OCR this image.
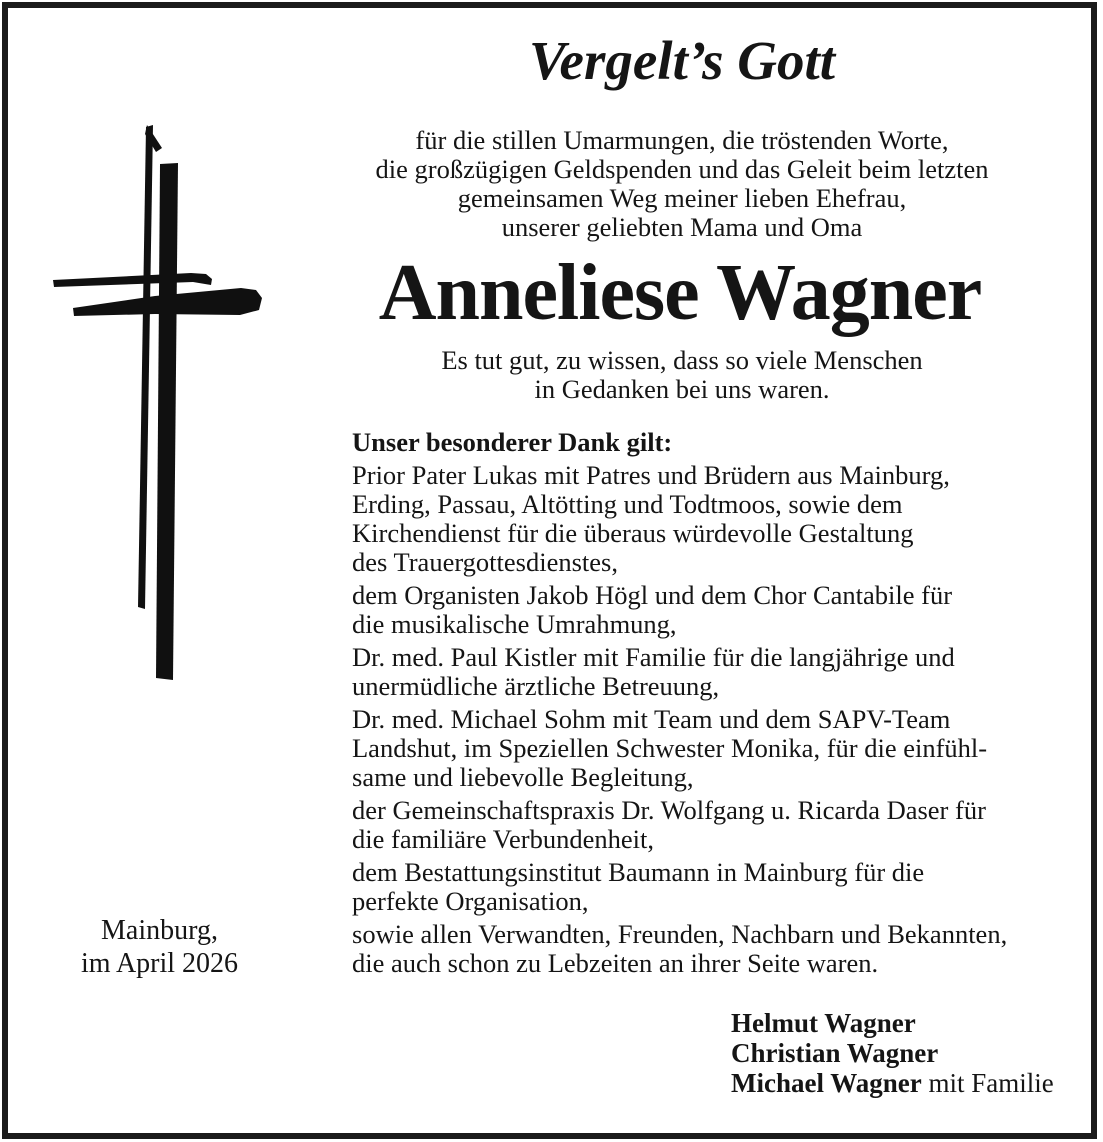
Vergelt’s Gott
für die stillen Umarmungen, die tröstenden Worte,
die großzügigen Geldspenden und das Geleit beim letzten
gemeinsamen Weg meiner lieben Ehefrau,
unserer geliebten Mama und Oma
Anneliese Wagner
Es tut gut, zu wissen, dass so viele Menschen
in Gedanken bei uns waren.
Unser besonderer Dank gilt:
Prior Pater Lukas mit Patres und Brüdern aus Mainburg,
Erding, Passau, Altötting und Todtmoos, sowie dem
Kirchendienst für die überaus würdevolle Gestaltung
des Trauergottesdienstes,
dem Organisten Jakob Högl und dem Chor Cantabile für
die musikalische Umrahmung,
Dr. med. Paul Kistler mit Familie für die langjährige und
unermüdliche ärztliche Betreuung,
Dr. med. Michael Sohm mit Team und dem SAPV-Team
Landshut, im Speziellen Schwester Monika, für die einfühl-
same und liebevolle Begleitung,
der Gemeinschaftspraxis Dr. Wolfgang u. Ricarda Daser für
die familiäre Verbundenheit,
dem Bestattungsinstitut Baumann in Mainburg für die
perfekte Organisation,
sowie allen Verwandten, Freunden, Nachbarn und Bekannten,
die auch schon zu Lebzeiten an ihrer Seite waren.
Mainburg,
im April 2026
Helmut Wagner
Christian Wagner
Michael Wagner mit Familie
